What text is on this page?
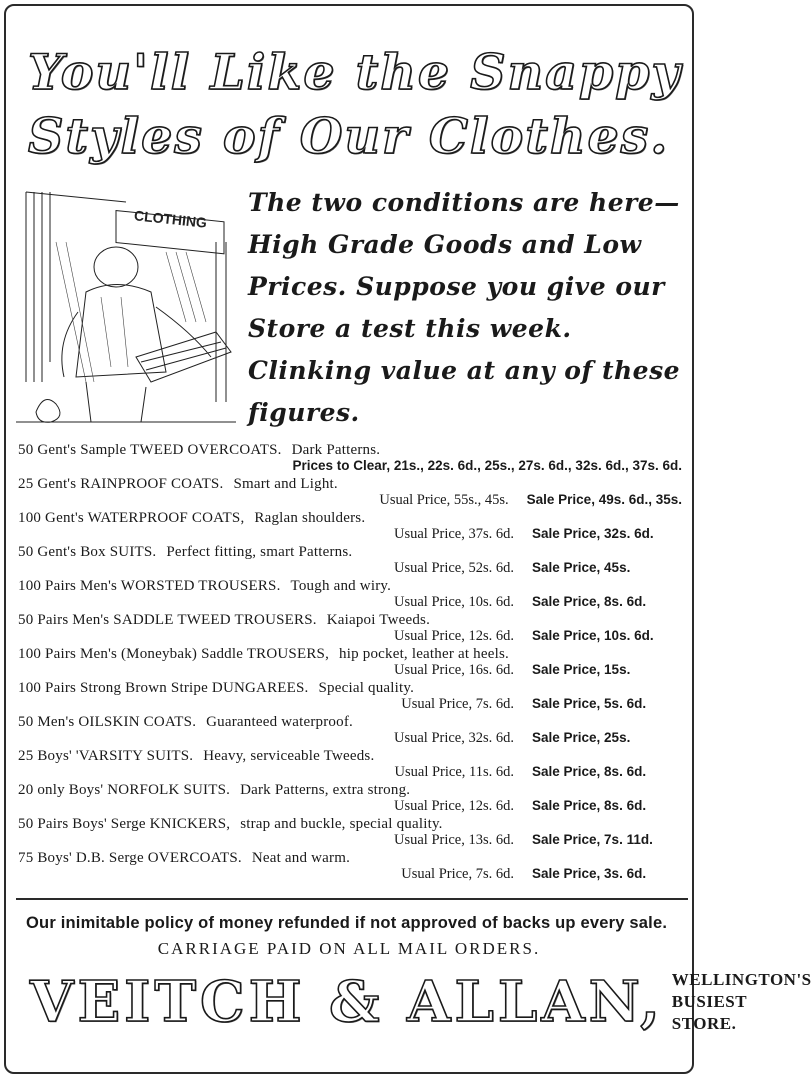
You'll Like the Snappy
Styles of Our Clothes.
CLOTHING
The two conditions are here—
High Grade Goods and Low
Prices. Suppose you give our
Store a test this week.
Clinking value at any of these
figures.
50 Gent's Sample TWEED OVERCOATS. Dark Patterns.
Prices to Clear, 21s., 22s. 6d., 25s., 27s. 6d., 32s. 6d., 37s. 6d.
25 Gent's RAINPROOF COATS. Smart and Light.
Usual Price, 55s., 45s. Sale Price, 49s. 6d., 35s.
100 Gent's WATERPROOF COATS, Raglan shoulders.
Usual Price, 37s. 6d. Sale Price, 32s. 6d.
50 Gent's Box SUITS. Perfect fitting, smart Patterns.
Usual Price, 52s. 6d. Sale Price, 45s.
100 Pairs Men's WORSTED TROUSERS. Tough and wiry.
Usual Price, 10s. 6d. Sale Price, 8s. 6d.
50 Pairs Men's SADDLE TWEED TROUSERS. Kaiapoi Tweeds.
Usual Price, 12s. 6d. Sale Price, 10s. 6d.
100 Pairs Men's (Moneybak) Saddle TROUSERS, hip pocket, leather at heels.
Usual Price, 16s. 6d. Sale Price, 15s.
100 Pairs Strong Brown Stripe DUNGAREES. Special quality.
Usual Price, 7s. 6d. Sale Price, 5s. 6d.
50 Men's OILSKIN COATS. Guaranteed waterproof.
Usual Price, 32s. 6d. Sale Price, 25s.
25 Boys' 'VARSITY SUITS. Heavy, serviceable Tweeds.
Usual Price, 11s. 6d. Sale Price, 8s. 6d.
20 only Boys' NORFOLK SUITS. Dark Patterns, extra strong.
Usual Price, 12s. 6d. Sale Price, 8s. 6d.
50 Pairs Boys' Serge KNICKERS, strap and buckle, special quality.
Usual Price, 13s. 6d. Sale Price, 7s. 11d.
75 Boys' D.B. Serge OVERCOATS. Neat and warm.
Usual Price, 7s. 6d. Sale Price, 3s. 6d.
Our inimitable policy of money refunded if not approved of backs up every sale.
CARRIAGE PAID ON ALL MAIL ORDERS.
VEITCH & ALLAN, WELLINGTON'S
BUSIEST STORE.
